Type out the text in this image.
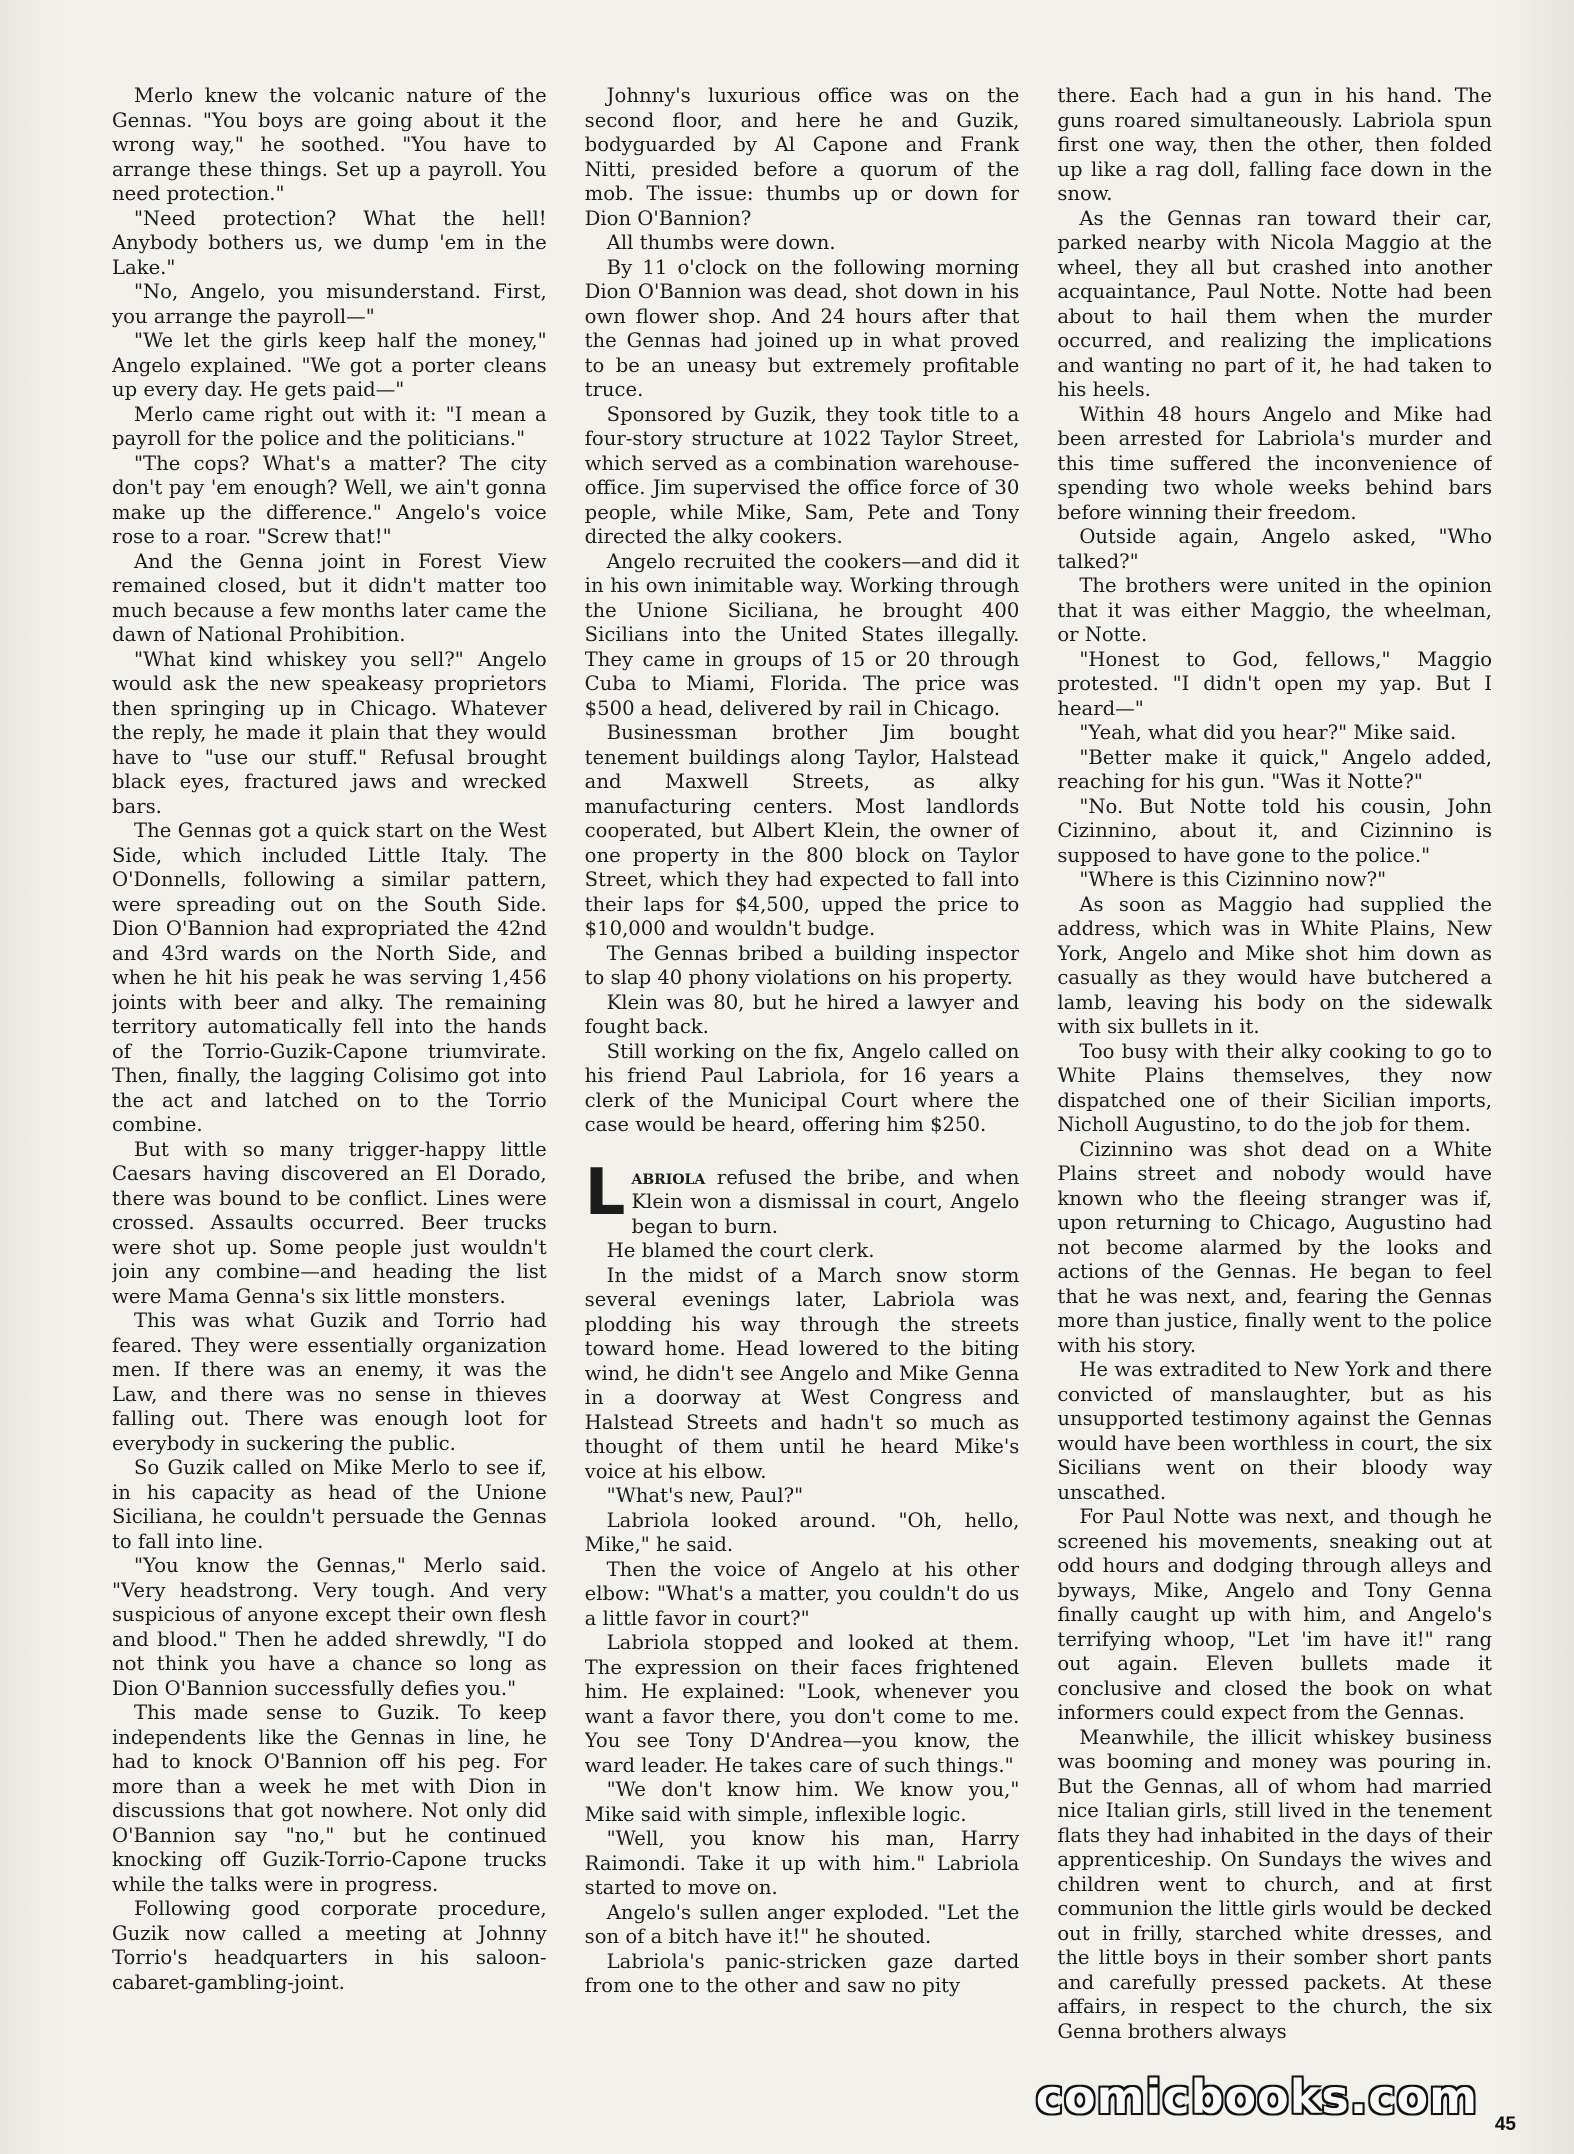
Merlo knew the volcanic nature of the Gennas. "You boys are going about it the wrong way," he soothed. "You have to arrange these things. Set up a payroll. You need protection."

"Need protection? What the hell! Anybody bothers us, we dump 'em in the Lake."

"No, Angelo, you misunderstand. First, you arrange the payroll—"

"We let the girls keep half the money," Angelo explained. "We got a porter cleans up every day. He gets paid—"

Merlo came right out with it: "I mean a payroll for the police and the politicians."

"The cops? What's a matter? The city don't pay 'em enough? Well, we ain't gonna make up the difference." Angelo's voice rose to a roar. "Screw that!"

And the Genna joint in Forest View remained closed, but it didn't matter too much because a few months later came the dawn of National Prohibition.

"What kind whiskey you sell?" Angelo would ask the new speakeasy proprietors then springing up in Chicago. Whatever the reply, he made it plain that they would have to "use our stuff." Refusal brought black eyes, fractured jaws and wrecked bars.

The Gennas got a quick start on the West Side, which included Little Italy. The O'Donnells, following a similar pattern, were spreading out on the South Side. Dion O'Bannion had expropriated the 42nd and 43rd wards on the North Side, and when he hit his peak he was serving 1,456 joints with beer and alky. The remaining territory automatically fell into the hands of the Torrio-Guzik-Capone triumvirate. Then, finally, the lagging Colisimo got into the act and latched on to the Torrio combine.

But with so many trigger-happy little Caesars having discovered an El Dorado, there was bound to be conflict. Lines were crossed. Assaults occurred. Beer trucks were shot up. Some people just wouldn't join any combine—and heading the list were Mama Genna's six little monsters.

This was what Guzik and Torrio had feared. They were essentially organization men. If there was an enemy, it was the Law, and there was no sense in thieves falling out. There was enough loot for everybody in suckering the public.

So Guzik called on Mike Merlo to see if, in his capacity as head of the Unione Siciliana, he couldn't persuade the Gennas to fall into line.

"You know the Gennas," Merlo said. "Very headstrong. Very tough. And very suspicious of anyone except their own flesh and blood." Then he added shrewdly, "I do not think you have a chance so long as Dion O'Bannion successfully defies you."

This made sense to Guzik. To keep independents like the Gennas in line, he had to knock O'Bannion off his peg. For more than a week he met with Dion in discussions that got nowhere. Not only did O'Bannion say "no," but he continued knocking off Guzik-Torrio-Capone trucks while the talks were in progress.

Following good corporate procedure, Guzik now called a meeting at Johnny Torrio's headquarters in his saloon-cabaret-gambling-joint.

Johnny's luxurious office was on the second floor, and here he and Guzik, bodyguarded by Al Capone and Frank Nitti, presided before a quorum of the mob. The issue: thumbs up or down for Dion O'Bannion?

All thumbs were down.

By 11 o'clock on the following morning Dion O'Bannion was dead, shot down in his own flower shop. And 24 hours after that the Gennas had joined up in what proved to be an uneasy but extremely profitable truce.

Sponsored by Guzik, they took title to a four-story structure at 1022 Taylor Street, which served as a combination warehouse-office. Jim supervised the office force of 30 people, while Mike, Sam, Pete and Tony directed the alky cookers.

Angelo recruited the cookers—and did it in his own inimitable way. Working through the Unione Siciliana, he brought 400 Sicilians into the United States illegally. They came in groups of 15 or 20 through Cuba to Miami, Florida. The price was $500 a head, delivered by rail in Chicago.

Businessman brother Jim bought tenement buildings along Taylor, Halstead and Maxwell Streets, as alky manufacturing centers. Most landlords cooperated, but Albert Klein, the owner of one property in the 800 block on Taylor Street, which they had expected to fall into their laps for $4,500, upped the price to $10,000 and wouldn't budge.

The Gennas bribed a building inspector to slap 40 phony violations on his property.

Klein was 80, but he hired a lawyer and fought back.

Still working on the fix, Angelo called on his friend Paul Labriola, for 16 years a clerk of the Municipal Court where the case would be heard, offering him $250.

Labriola refused the bribe, and when Klein won a dismissal in court, Angelo began to burn.

He blamed the court clerk.

In the midst of a March snow storm several evenings later, Labriola was plodding his way through the streets toward home. Head lowered to the biting wind, he didn't see Angelo and Mike Genna in a doorway at West Congress and Halstead Streets and hadn't so much as thought of them until he heard Mike's voice at his elbow.

"What's new, Paul?"

Labriola looked around. "Oh, hello, Mike," he said.

Then the voice of Angelo at his other elbow: "What's a matter, you couldn't do us a little favor in court?"

Labriola stopped and looked at them. The expression on their faces frightened him. He explained: "Look, whenever you want a favor there, you don't come to me. You see Tony D'Andrea—you know, the ward leader. He takes care of such things."

"We don't know him. We know you," Mike said with simple, inflexible logic.

"Well, you know his man, Harry Raimondi. Take it up with him." Labriola started to move on.

Angelo's sullen anger exploded. "Let the son of a bitch have it!" he shouted.

Labriola's panic-stricken gaze darted from one to the other and saw no pity

there. Each had a gun in his hand. The guns roared simultaneously. Labriola spun first one way, then the other, then folded up like a rag doll, falling face down in the snow.

As the Gennas ran toward their car, parked nearby with Nicola Maggio at the wheel, they all but crashed into another acquaintance, Paul Notte. Notte had been about to hail them when the murder occurred, and realizing the implications and wanting no part of it, he had taken to his heels.

Within 48 hours Angelo and Mike had been arrested for Labriola's murder and this time suffered the inconvenience of spending two whole weeks behind bars before winning their freedom.

Outside again, Angelo asked, "Who talked?"

The brothers were united in the opinion that it was either Maggio, the wheelman, or Notte.

"Honest to God, fellows," Maggio protested. "I didn't open my yap. But I heard—"

"Yeah, what did you hear?" Mike said.

"Better make it quick," Angelo added, reaching for his gun. "Was it Notte?"

"No. But Notte told his cousin, John Cizinnino, about it, and Cizinnino is supposed to have gone to the police."

"Where is this Cizinnino now?"

As soon as Maggio had supplied the address, which was in White Plains, New York, Angelo and Mike shot him down as casually as they would have butchered a lamb, leaving his body on the sidewalk with six bullets in it.

Too busy with their alky cooking to go to White Plains themselves, they now dispatched one of their Sicilian imports, Nicholl Augustino, to do the job for them.

Cizinnino was shot dead on a White Plains street and nobody would have known who the fleeing stranger was if, upon returning to Chicago, Augustino had not become alarmed by the looks and actions of the Gennas. He began to feel that he was next, and, fearing the Gennas more than justice, finally went to the police with his story.

He was extradited to New York and there convicted of manslaughter, but as his unsupported testimony against the Gennas would have been worthless in court, the six Sicilians went on their bloody way unscathed.

For Paul Notte was next, and though he screened his movements, sneaking out at odd hours and dodging through alleys and byways, Mike, Angelo and Tony Genna finally caught up with him, and Angelo's terrifying whoop, "Let 'im have it!" rang out again. Eleven bullets made it conclusive and closed the book on what informers could expect from the Gennas.

Meanwhile, the illicit whiskey business was booming and money was pouring in. But the Gennas, all of whom had married nice Italian girls, still lived in the tenement flats they had inhabited in the days of their apprenticeship. On Sundays the wives and children went to church, and at first communion the little girls would be decked out in frilly, starched white dresses, and the little boys in their somber short pants and carefully pressed packets. At these affairs, in respect to the church, the six Genna brothers always

comicbooks.com
45
